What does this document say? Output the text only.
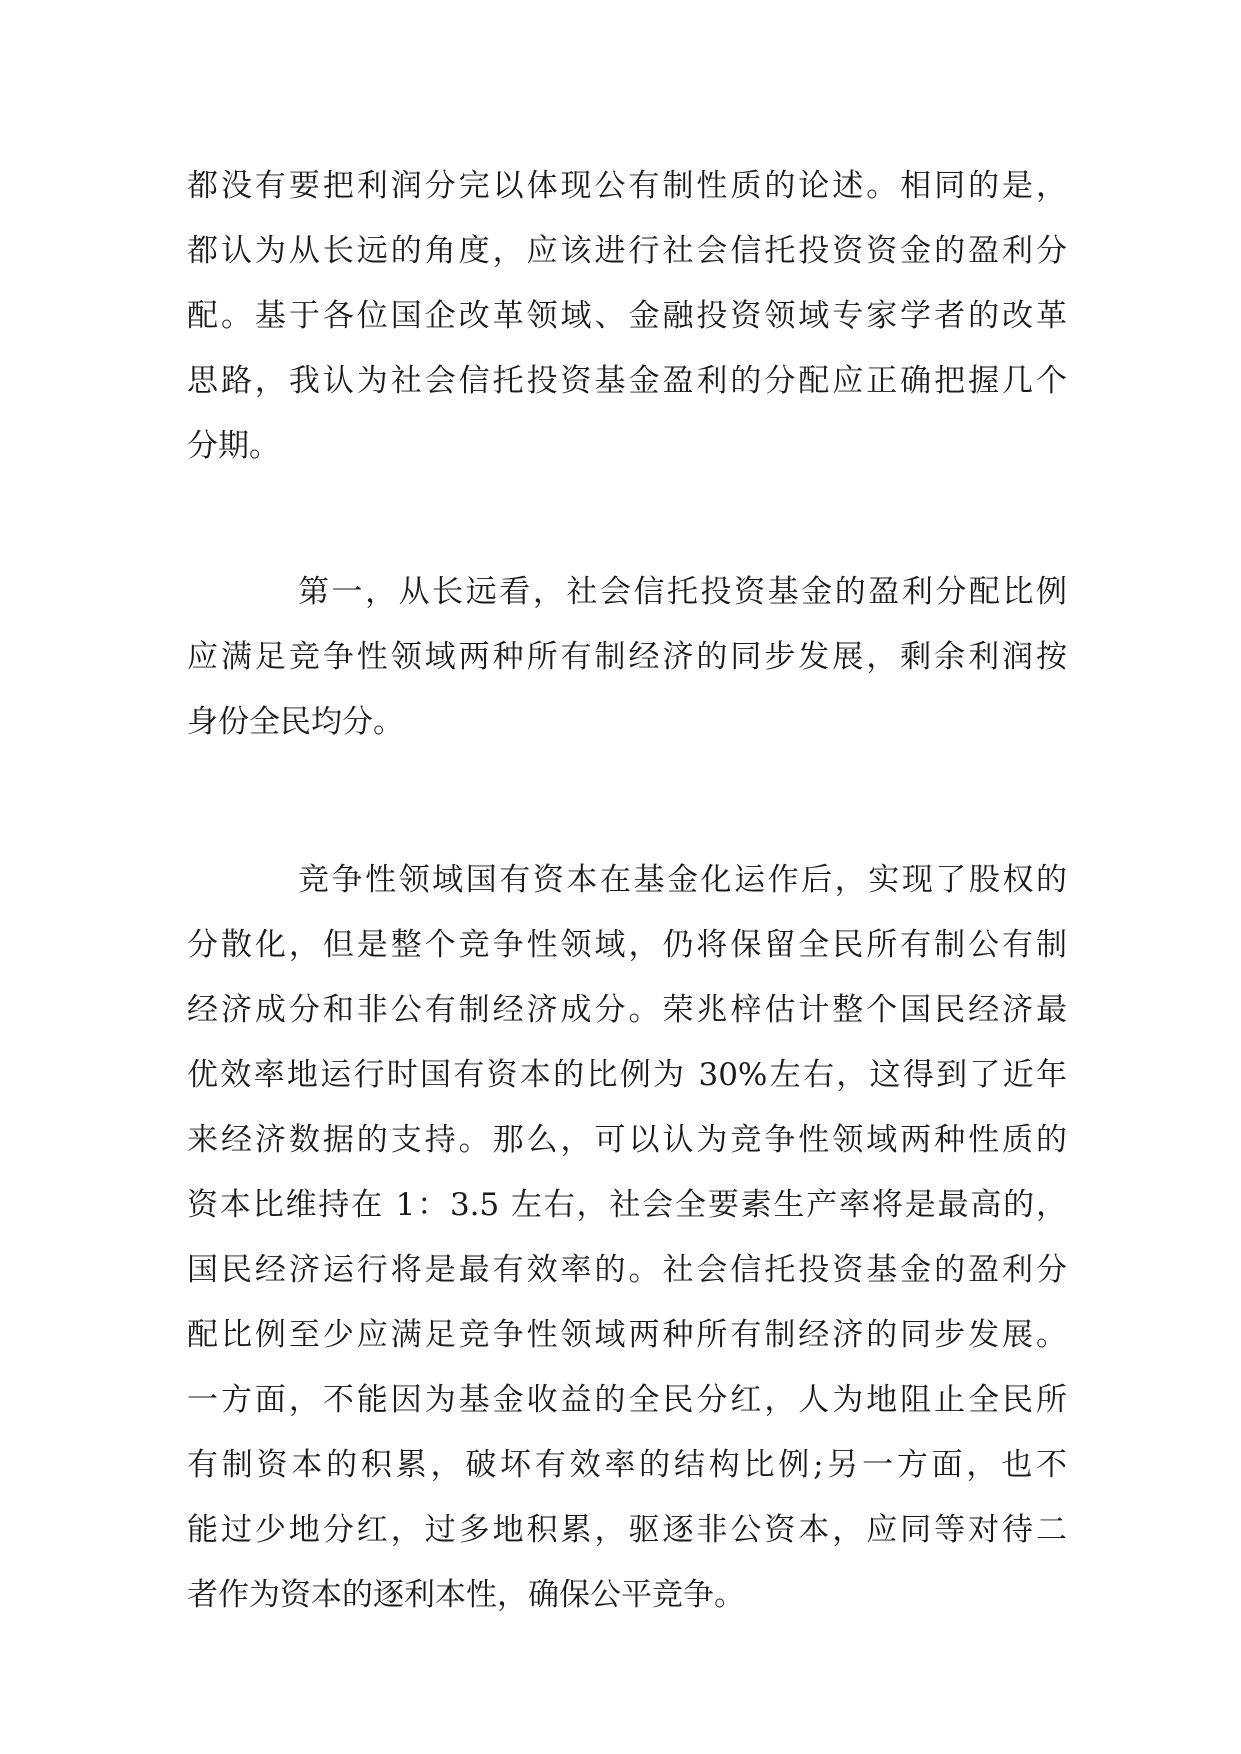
都没有要把利润分完以体现公有制性质的论述。相同的是，
都认为从长远的角度，应该进行社会信托投资资金的盈利分
配。基于各位国企改革领域、金融投资领域专家学者的改革
思路，我认为社会信托投资基金盈利的分配应正确把握几个
分期。
第一，从长远看，社会信托投资基金的盈利分配比例
应满足竞争性领域两种所有制经济的同步发展，剩余利润按
身份全民均分。
竞争性领域国有资本在基金化运作后，实现了股权的
分散化，但是整个竞争性领域，仍将保留全民所有制公有制
经济成分和非公有制经济成分。荣兆梓估计整个国民经济最
优效率地运行时国有资本的比例为 30%左右，这得到了近年
来经济数据的支持。那么，可以认为竞争性领域两种性质的
资本比维持在 1：3.5 左右，社会全要素生产率将是最高的，
国民经济运行将是最有效率的。社会信托投资基金的盈利分
配比例至少应满足竞争性领域两种所有制经济的同步发展。
一方面，不能因为基金收益的全民分红，人为地阻止全民所
有制资本的积累，破坏有效率的结构比例;另一方面，也不
能过少地分红，过多地积累，驱逐非公资本，应同等对待二
者作为资本的逐利本性，确保公平竞争。
